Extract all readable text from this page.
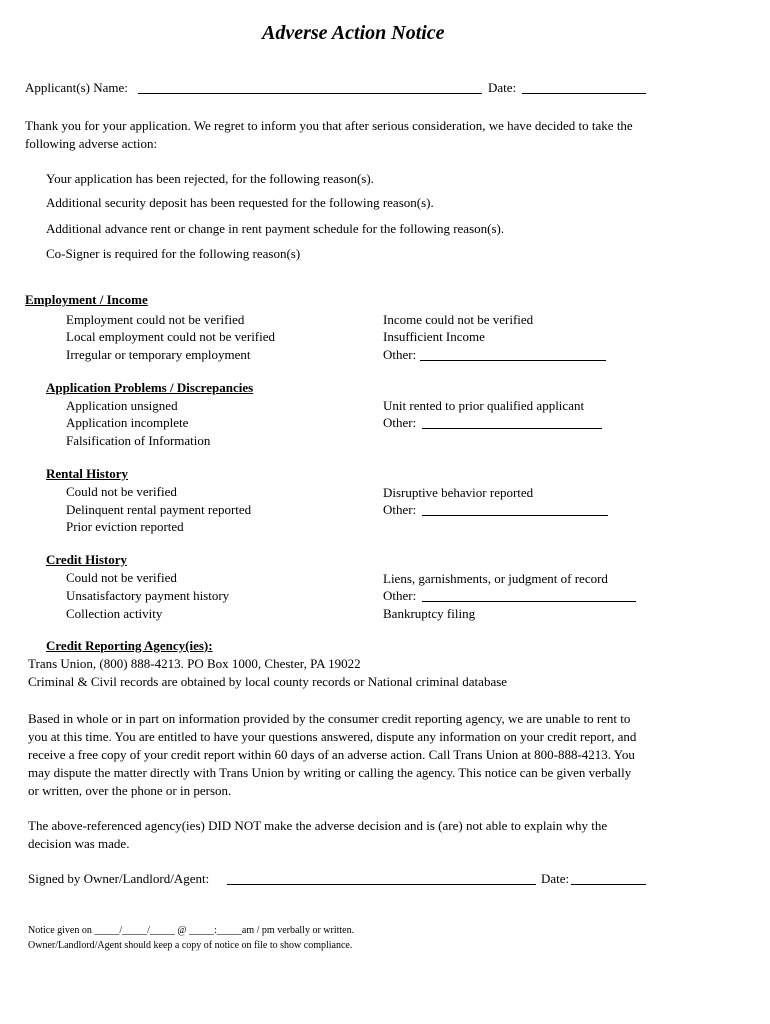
Adverse Action Notice
Applicant(s) Name:	Date:
Thank you for your application. We regret to inform you that after serious consideration, we have decided to take the following adverse action:
Your application has been rejected, for the following reason(s).
Additional security deposit has been requested for the following reason(s).
Additional advance rent or change in rent payment schedule for the following reason(s).
Co-Signer is required for the following reason(s)
Employment / Income
Employment could not be verified
Local employment could not be verified
Irregular or temporary employment
Income could not be verified
Insufficient Income
Other:
Application Problems / Discrepancies
Application unsigned
Application incomplete
Falsification of Information
Unit rented to prior qualified applicant
Other:
Rental History
Could not be verified
Delinquent rental payment reported
Prior eviction reported
Disruptive behavior reported
Other:
Credit History
Could not be verified
Unsatisfactory payment history
Collection activity
Liens, garnishments, or judgment of record
Other:
Bankruptcy filing
Credit Reporting Agency(ies):
Trans Union, (800) 888-4213. PO Box 1000, Chester, PA 19022
Criminal & Civil records are obtained by local county records or National criminal database
Based in whole or in part on information provided by the consumer credit reporting agency, we are unable to rent to you at this time. You are entitled to have your questions answered, dispute any information on your credit report, and receive a free copy of your credit report within 60 days of an adverse action. Call Trans Union at 800-888-4213. You may dispute the matter directly with Trans Union by writing or calling the agency. This notice can be given verbally or written, over the phone or in person.
The above-referenced agency(ies) DID NOT make the adverse decision and is (are) not able to explain why the decision was made.
Signed by Owner/Landlord/Agent:	Date:
Notice given on _____/_____/_____ @ _____:_____am / pm verbally or written.
Owner/Landlord/Agent should keep a copy of notice on file to show compliance.
